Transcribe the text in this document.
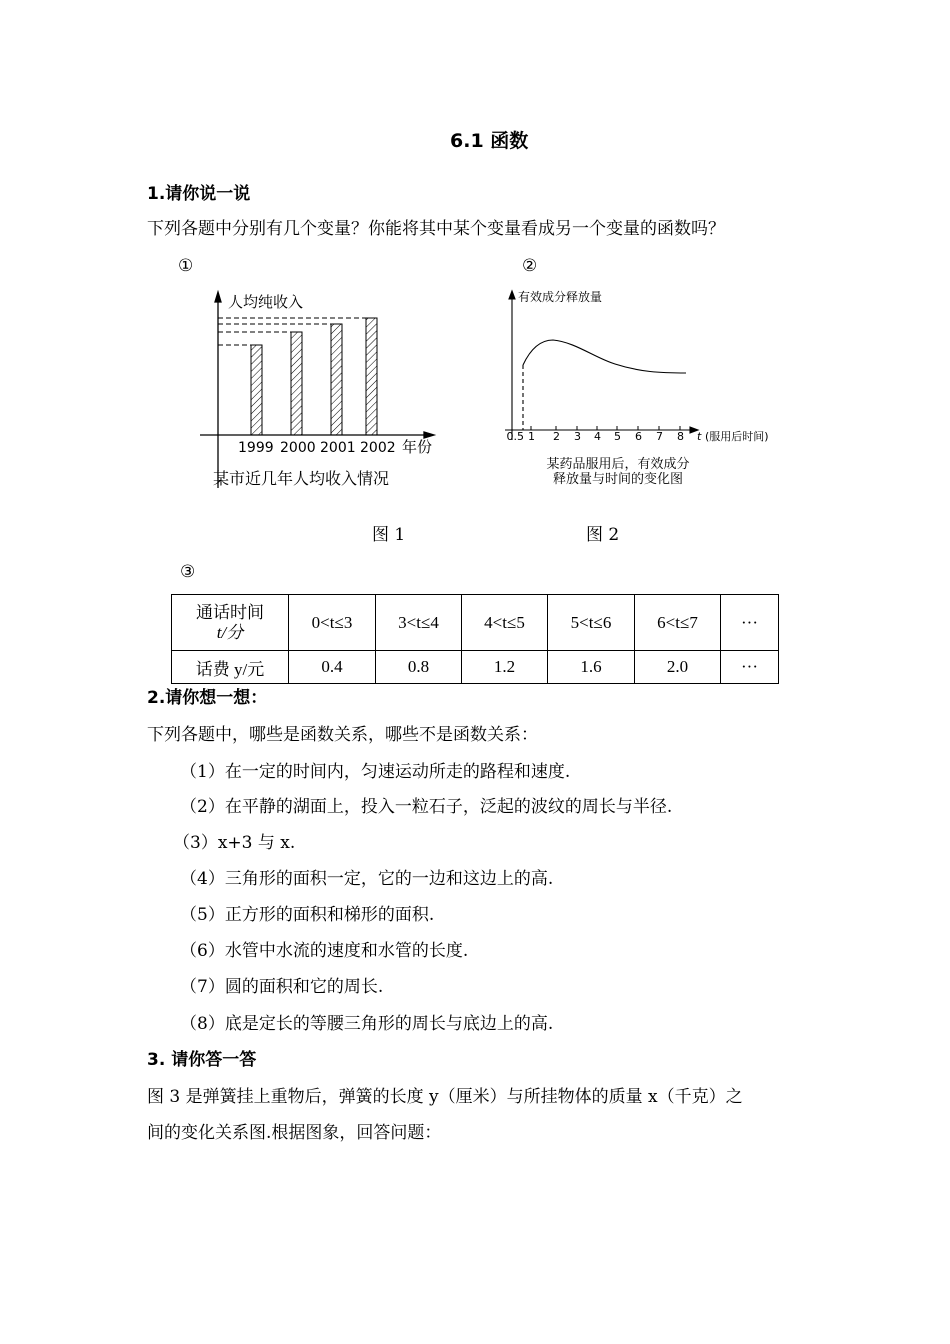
6.1 函数
1.请你说一说
下列各题中分别有几个变量？你能将其中某个变量看成另一个变量的函数吗？
①	②
人均纯收入
1999 2000 2001 2002 年份
某市近几年人均收入情况
0.5 1 2 3 4 5 6 7 8
有效成分释放量
t (服用后时间)
某药品服用后，有效成分
释放量与时间的变化图
图 1	图 2
③
通话时间
t/分	0<t≤3	3<t≤4	4<t≤5	5<t≤6	6<t≤7	···
话费 y/元	0.4	0.8	1.2	1.6	2.0	···
2.请你想一想：
下列各题中，哪些是函数关系，哪些不是函数关系：
（1）在一定的时间内，匀速运动所走的路程和速度.
（2）在平静的湖面上，投入一粒石子，泛起的波纹的周长与半径.
（3）x+3 与 x.
（4）三角形的面积一定，它的一边和这边上的高.
（5）正方形的面积和梯形的面积.
（6）水管中水流的速度和水管的长度.
（7）圆的面积和它的周长.
（8）底是定长的等腰三角形的周长与底边上的高.
3. 请你答一答
图 3 是弹簧挂上重物后，弹簧的长度 y（厘米）与所挂物体的质量 x（千克）之
间的变化关系图.根据图象，回答问题：
